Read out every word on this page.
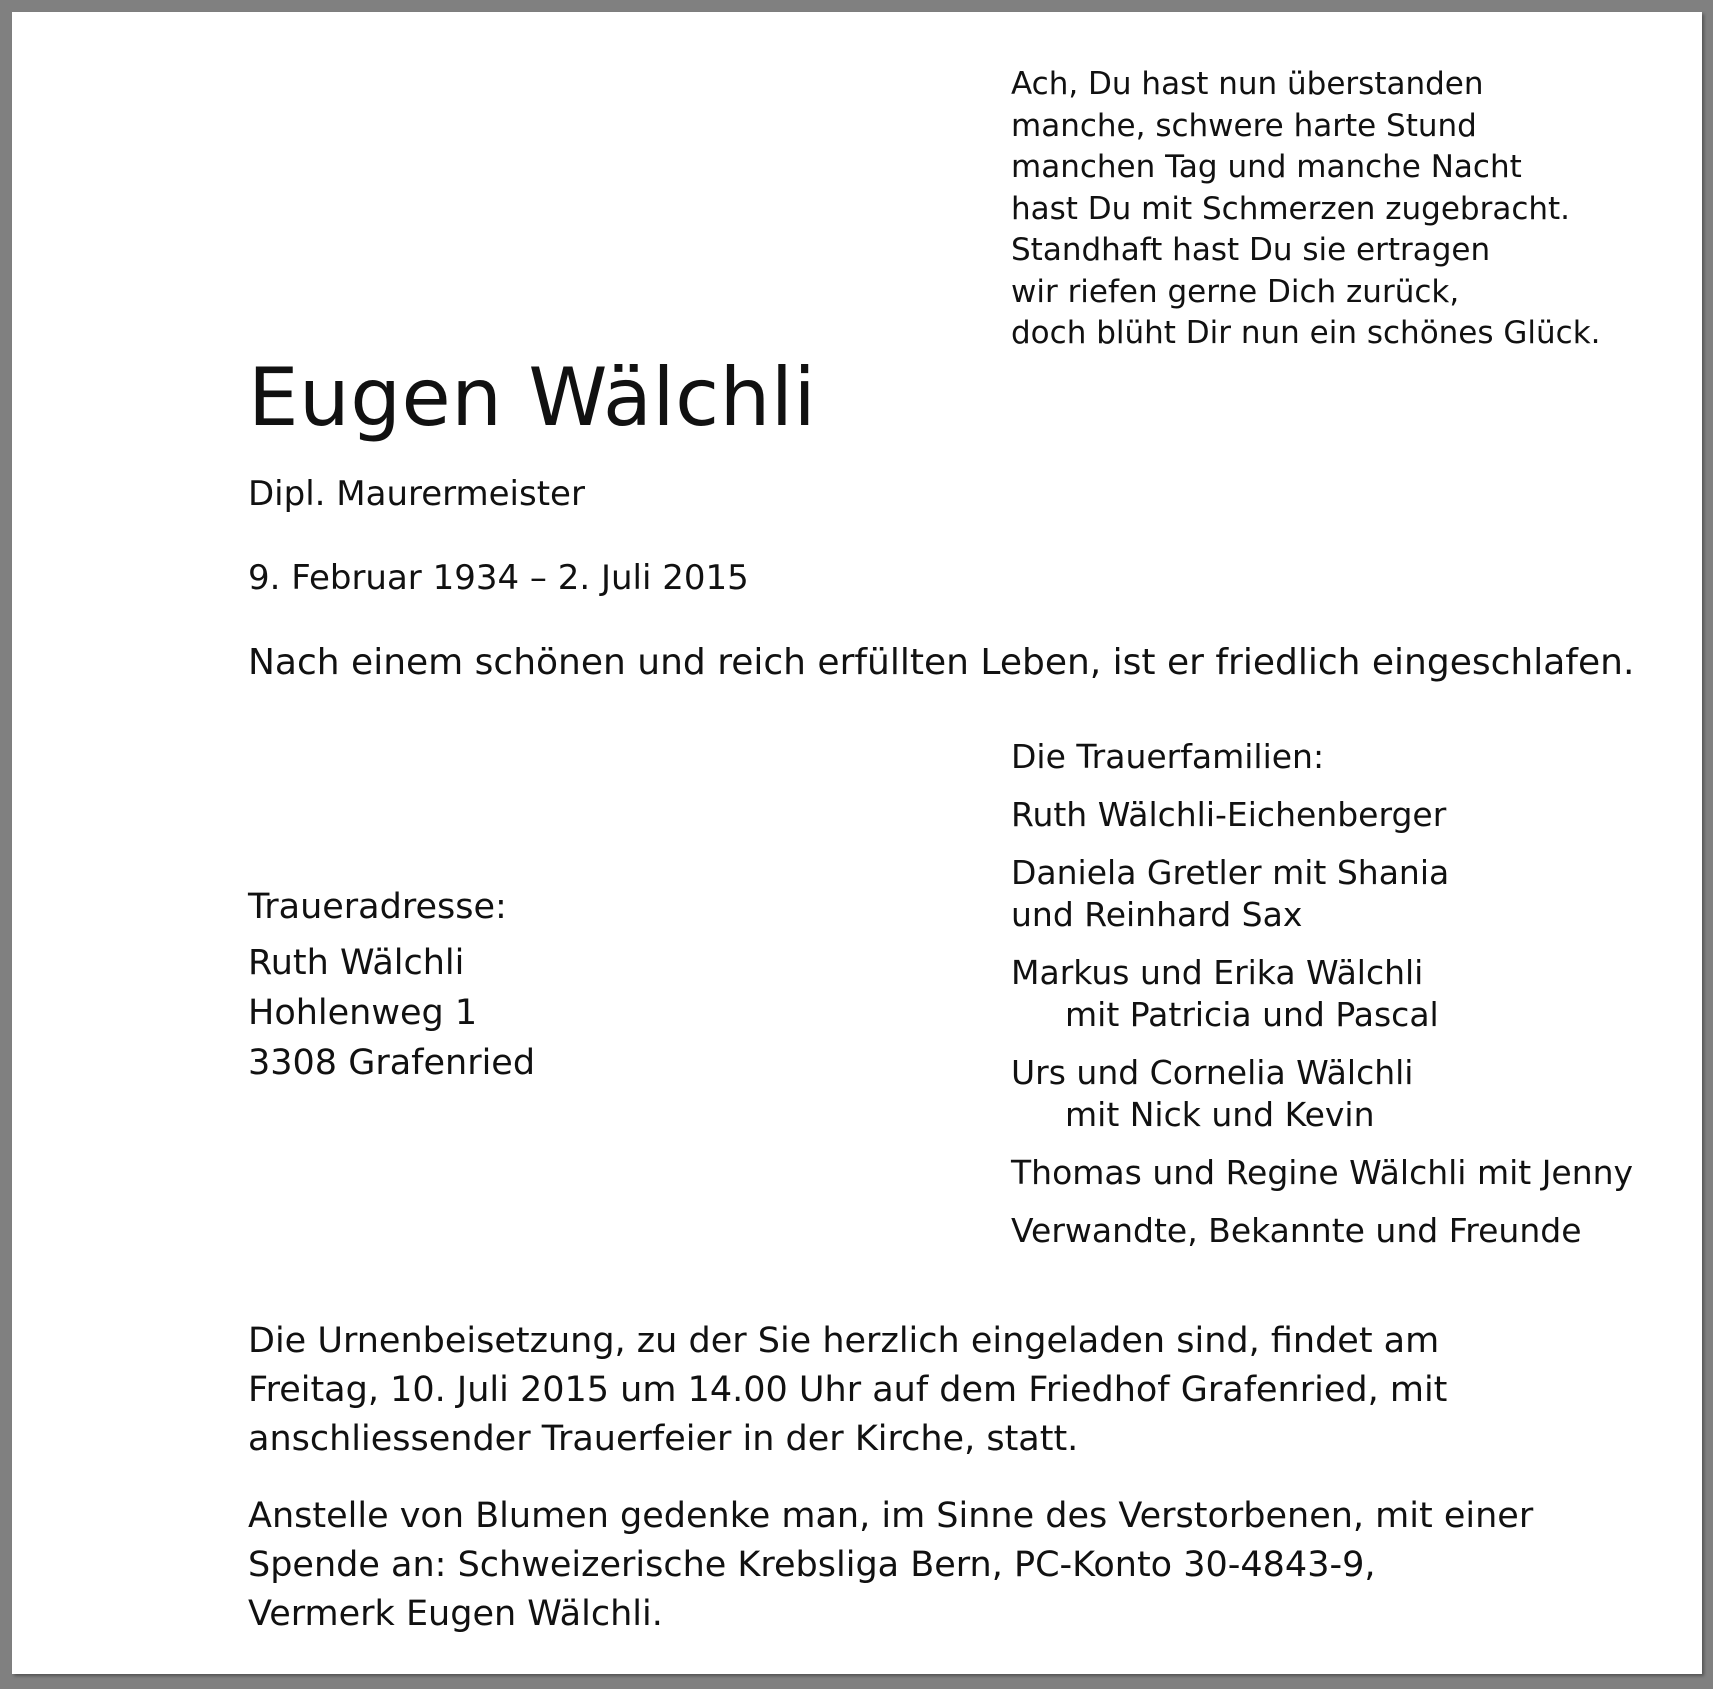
Ach, Du hast nun überstanden
manche, schwere harte Stund
manchen Tag und manche Nacht
hast Du mit Schmerzen zugebracht.
Standhaft hast Du sie ertragen
wir riefen gerne Dich zurück,
doch blüht Dir nun ein schönes Glück.
Eugen Wälchli
Dipl. Maurermeister
9. Februar 1934 – 2. Juli 2015
Nach einem schönen und reich erfüllten Leben, ist er friedlich eingeschlafen.
Die Trauerfamilien:
Ruth Wälchli-Eichenberger
Daniela Gretler mit Shania
und Reinhard Sax
Markus und Erika Wälchli
mit Patricia und Pascal
Urs und Cornelia Wälchli
mit Nick und Kevin
Thomas und Regine Wälchli mit Jenny
Verwandte, Bekannte und Freunde
Traueradresse:
Ruth Wälchli
Hohlenweg 1
3308 Grafenried
Die Urnenbeisetzung, zu der Sie herzlich eingeladen sind, findet am
Freitag, 10. Juli 2015 um 14.00 Uhr auf dem Friedhof Grafenried, mit
anschliessender Trauerfeier in der Kirche, statt.
Anstelle von Blumen gedenke man, im Sinne des Verstorbenen, mit einer
Spende an: Schweizerische Krebsliga Bern, PC-Konto 30-4843-9,
Vermerk Eugen Wälchli.
